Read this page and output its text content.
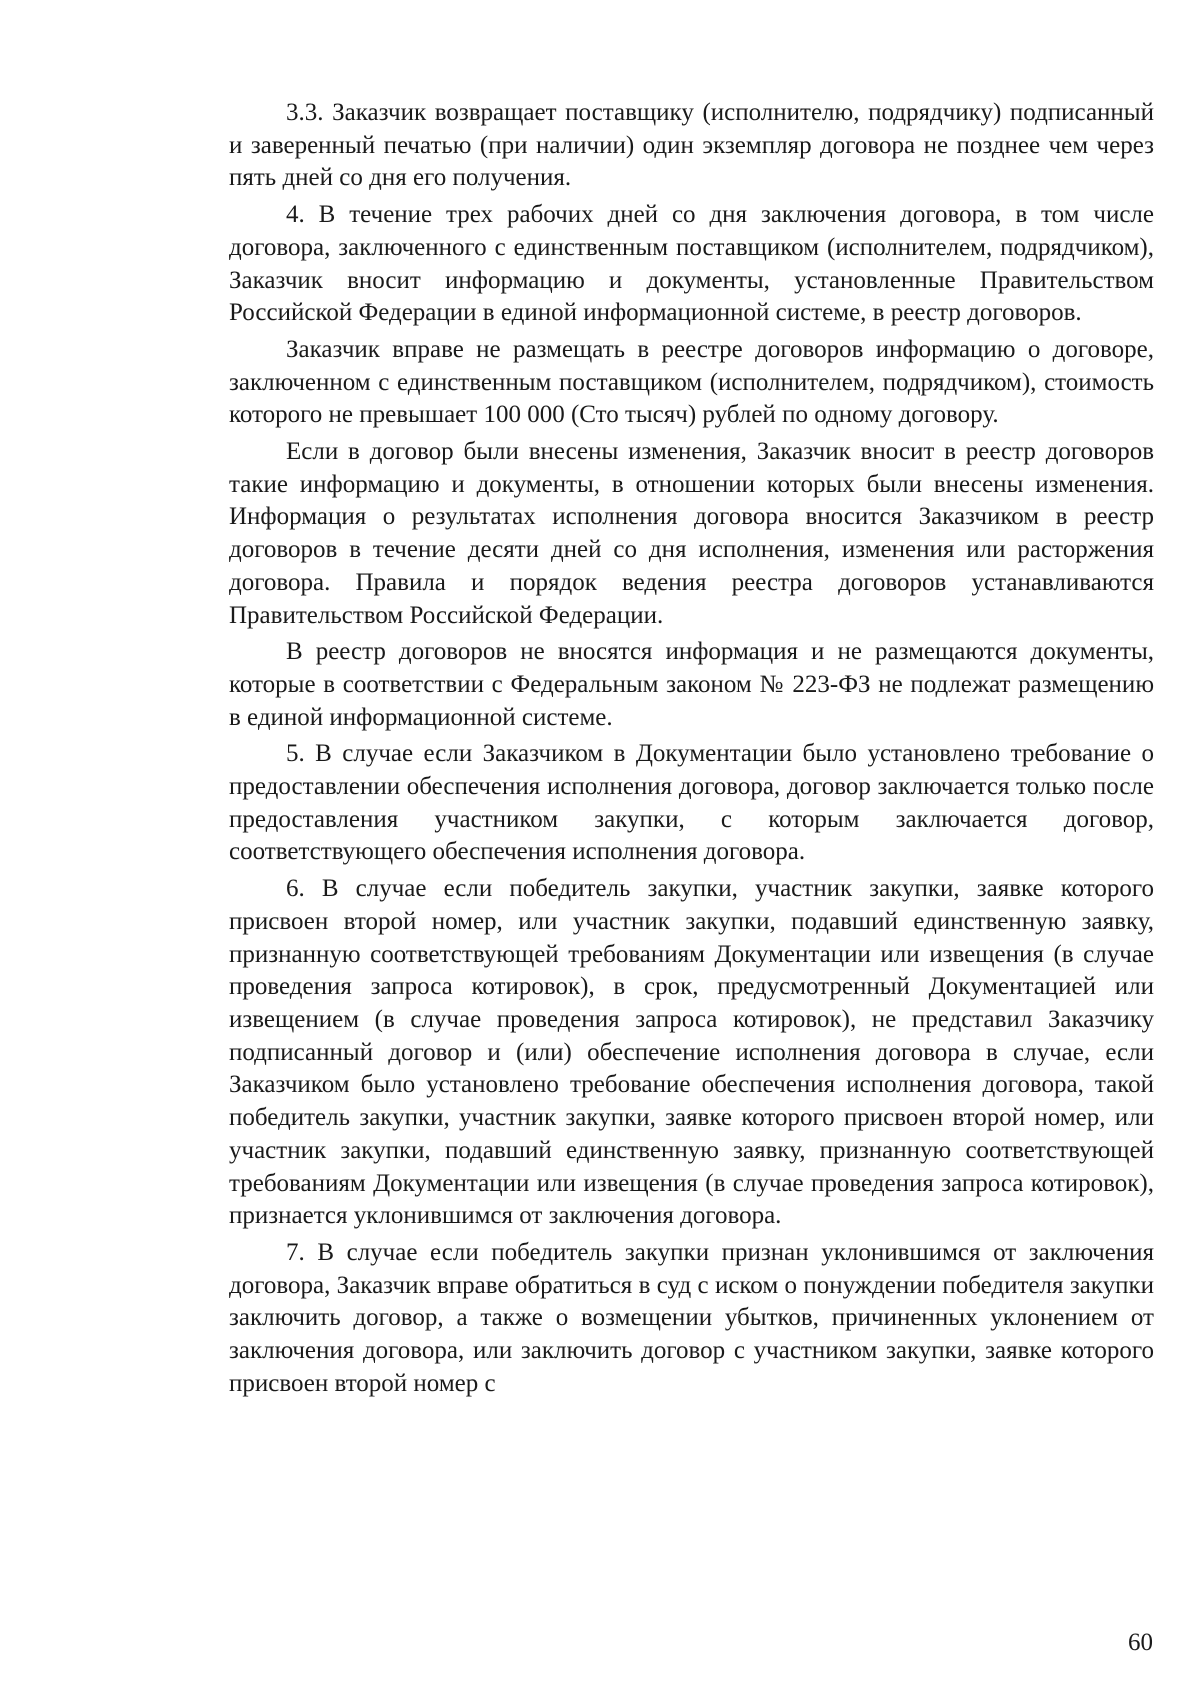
3.3. Заказчик возвращает поставщику (исполнителю, подрядчику) подписанный и заверенный печатью (при наличии) один экземпляр договора не позднее чем через пять дней со дня его получения.

4. В течение трех рабочих дней со дня заключения договора, в том числе договора, заключенного с единственным поставщиком (исполнителем, подрядчиком), Заказчик вносит информацию и документы, установленные Правительством Российской Федерации в единой информационной системе, в реестр договоров.

Заказчик вправе не размещать в реестре договоров информацию о договоре, заключенном с единственным поставщиком (исполнителем, подрядчиком), стоимость которого не превышает 100 000 (Сто тысяч) рублей по одному договору.

Если в договор были внесены изменения, Заказчик вносит в реестр договоров такие информацию и документы, в отношении которых были внесены изменения. Информация о результатах исполнения договора вносится Заказчиком в реестр договоров в течение десяти дней со дня исполнения, изменения или расторжения договора. Правила и порядок ведения реестра договоров устанавливаются Правительством Российской Федерации.

В реестр договоров не вносятся информация и не размещаются документы, которые в соответствии с Федеральным законом № 223-ФЗ не подлежат размещению в единой информационной системе.

5. В случае если Заказчиком в Документации было установлено требование о предоставлении обеспечения исполнения договора, договор заключается только после предоставления участником закупки, с которым заключается договор, соответствующего обеспечения исполнения договора.

6. В случае если победитель закупки, участник закупки, заявке которого присвоен второй номер, или участник закупки, подавший единственную заявку, признанную соответствующей требованиям Документации или извещения (в случае проведения запроса котировок), в срок, предусмотренный Документацией или извещением (в случае проведения запроса котировок), не представил Заказчику подписанный договор и (или) обеспечение исполнения договора в случае, если Заказчиком было установлено требование обеспечения исполнения договора, такой победитель закупки, участник закупки, заявке которого присвоен второй номер, или участник закупки, подавший единственную заявку, признанную соответствующей требованиям Документации или извещения (в случае проведения запроса котировок), признается уклонившимся от заключения договора.

7. В случае если победитель закупки признан уклонившимся от заключения договора, Заказчик вправе обратиться в суд с иском о понуждении победителя закупки заключить договор, а также о возмещении убытков, причиненных уклонением от заключения договора, или заключить договор с участником закупки, заявке которого присвоен второй номер с

60
